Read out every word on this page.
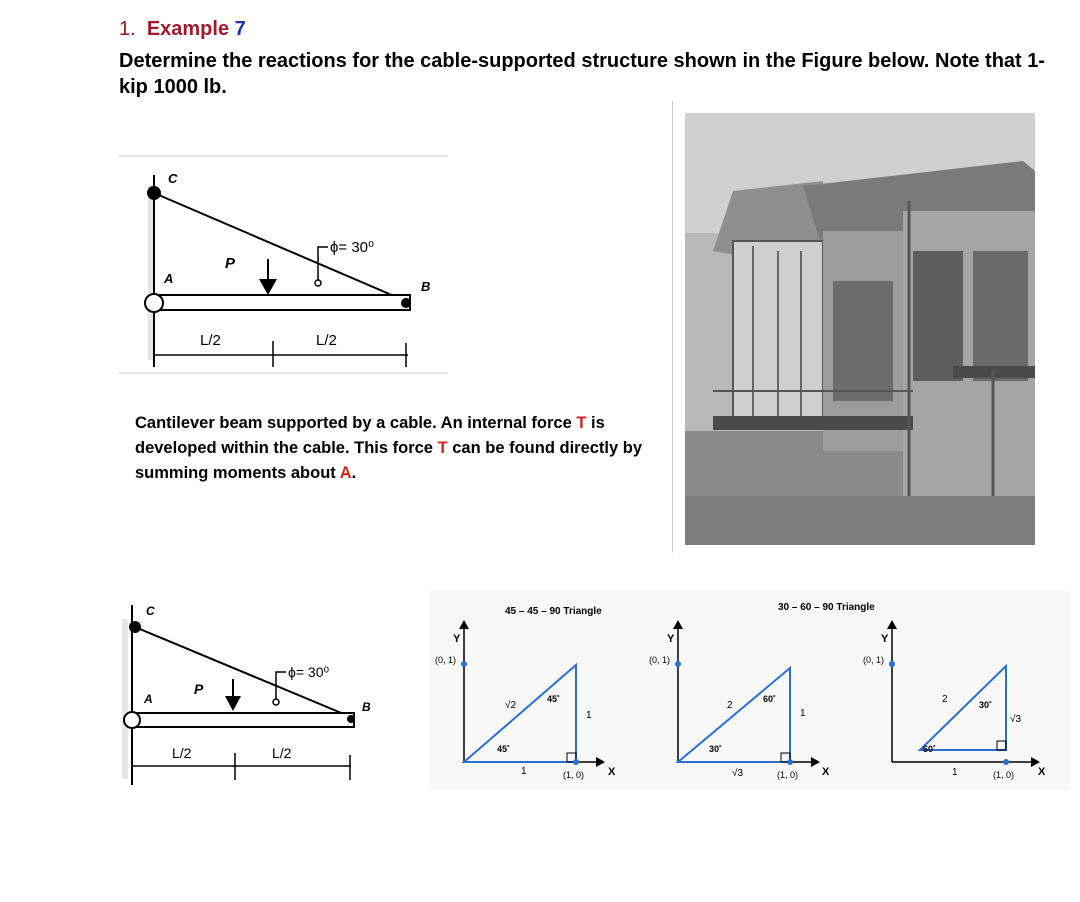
1. Example 7
Determine the reactions for the cable-supported structure shown in the Figure below. Note that 1-kip 1000 lb.
C
A
B
P
ϕ= 30⁰
L/2	L/2
Cantilever beam supported by a cable. An internal force T is developed within the cable. This force T can be found directly by summing moments about A.
C
A
B
P
ϕ= 30⁰
L/2	L/2
45 – 45 – 90 Triangle	30 – 60 – 90 Triangle
Y
(0, 1)
X
(1, 0)
√2
1
1
45˚
45˚
Y
(0, 1)
X
(1, 0)
2
√3
1
60˚
30˚
Y
(0, 1)
X
(1, 0)
2
1
√3
30˚
60˚
